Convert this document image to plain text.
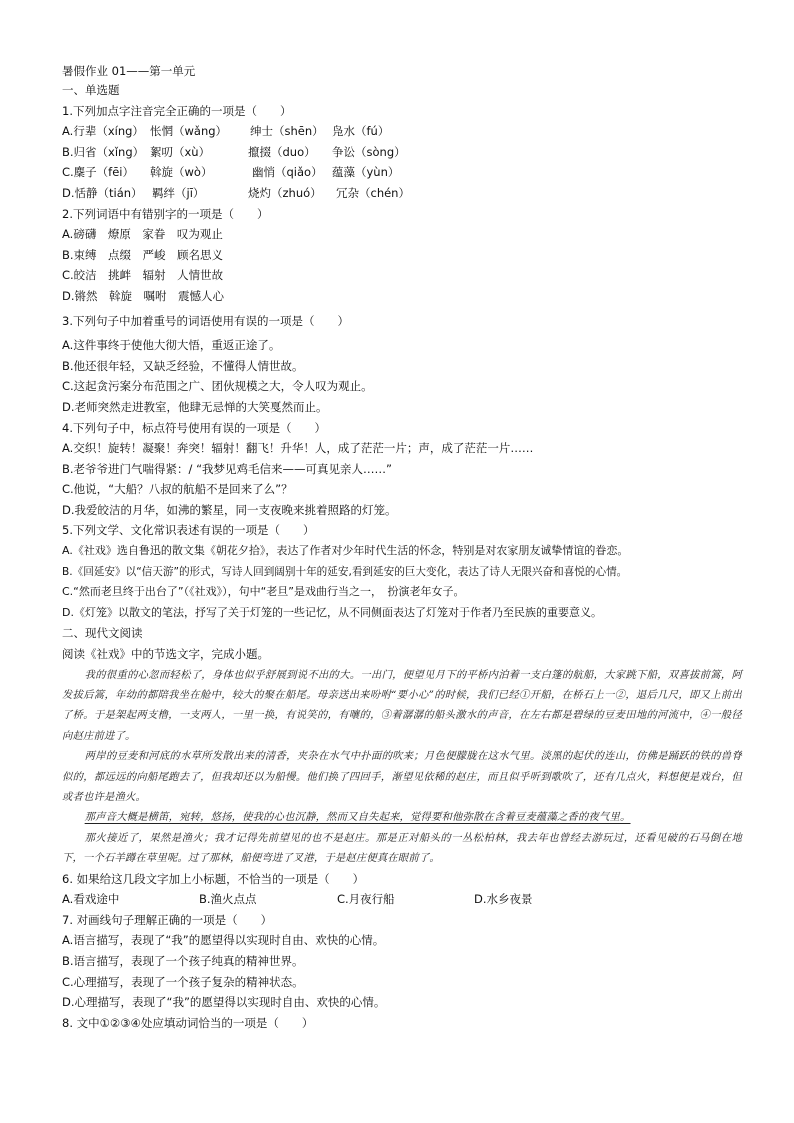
暑假作业 01——第一单元
一、单选题
1.下列加点字注音完全正确的一项是（　　）
A.行辈（xíng） 怅惘（wǎng）	绅士（shēn） 凫水（fú）
B.归省（xǐng） 絮叨（xù）	攛掇（duo）	争讼（sòng）
C.麇子（fēi）	斡旋（wò）	幽悄（qiǎo） 蕴藻（yùn）
D.恬静（tián） 羁绊（jī）	烧灼（zhuó）	冗杂（chén）
2.下列词语中有错别字的一项是（　　）
A.磅礴　燎原　家眷　叹为观止
B.束缚　点缀　严峻　顾名思义
C.皎洁　挑衅　辐射　人情世故
D.锵然　斡旋　嘱咐　震憾人心
3.下列句子中加着重号的词语使用有误的一项是（　　）
A.这件事终于使他大彻大悟，重返正途了。
B.他还很年轻，又缺乏经验，不懂得人情世故。
C.这起贪污案分布范围之广、团伙规模之大，令人叹为观止。
D.老师突然走进教室，他肆无忌惮的大笑戛然而止。
4.下列句子中，标点符号使用有误的一项是（　　）
A.交织！旋转！凝聚！奔突！辐射！翻飞！升华！人，成了茫茫一片；声，成了茫茫一片……
B.老爷爷进门气喘得紧：/ “我梦见鸡毛信来——可真见亲人……”
C.他说，“大船？八叔的航船不是回来了么”？
D.我爱皎洁的月华，如沸的繁星，同一支夜晚来挑着照路的灯笼。
5.下列文学、文化常识表述有误的一项是（　　）
A.《社戏》选自鲁迅的散文集《朝花夕拾》，表达了作者对少年时代生活的怀念，特别是对农家朋友诚挚情谊的眷恋。
B.《回延安》以“信天游”的形式，写诗人回到阔别十年的延安,看到延安的巨大变化，表达了诗人无限兴奋和喜悦的心情。
C.“然而老旦终于出台了”（《社戏》），句中“老旦”是戏曲行当之一，　扮演老年女子。
D.《灯笼》以散文的笔法，抒写了关于灯笼的一些记忆，从不同侧面表达了灯笼对于作者乃至民族的重要意义。
二、现代文阅读
阅读《社戏》中的节选文字，完成小题。

我的很重的心忽而轻松了，身体也似乎舒展到说不出的大。一出门，便望见月下的平桥内泊着一支白篷的航船，大家跳下船，双喜拔前篙，阿发拔后篙，年幼的都陪我坐在舱中，较大的聚在船尾。母亲送出来吩咐“要小心”的时候，我们已经①开船，在桥石上一②，退后几尺，即又上前出了桥。于是架起两支橹，一支两人，一里一换，有说笑的，有嚷的，③着潺潺的船头激水的声音，在左右都是碧绿的豆麦田地的河流中，④一般径向赵庄前进了。

两岸的豆麦和河底的水草所发散出来的清香，夹杂在水气中扑面的吹来；月色便朦胧在这水气里。淡黑的起伏的连山，仿佛是踊跃的铁的兽脊似的，都远远的向船尾跑去了，但我却还以为船慢。他们换了四回手，渐望见依稀的赵庄，而且似乎听到歌吹了，还有几点火，料想便是戏台，但或者也许是渔火。

那声音大概是横笛，宛转，悠扬，使我的心也沉静，然而又自失起来，觉得要和他弥散在含着豆麦蕴藻之香的夜气里。

那火接近了，果然是渔火；我才记得先前望见的也不是赵庄。那是正对船头的一丛松柏林，我去年也曾经去游玩过，还看见破的石马倒在地下，一个石羊蹲在草里呢。过了那林，船便弯进了叉港，于是赵庄便真在眼前了。

6. 如果给这几段文字加上小标题，不恰当的一项是（　　）
A.看戏途中	B.渔火点点	C.月夜行船	D.水乡夜景
7. 对画线句子理解正确的一项是（　　）
A.语言描写，表现了“我”的愿望得以实现时自由、欢快的心情。
B.语言描写，表现了一个孩子纯真的精神世界。
C.心理描写，表现了一个孩子复杂的精神状态。
D.心理描写，表现了“我”的愿望得以实现时自由、欢快的心情。
8. 文中①②③④处应填动词恰当的一项是（　　）
